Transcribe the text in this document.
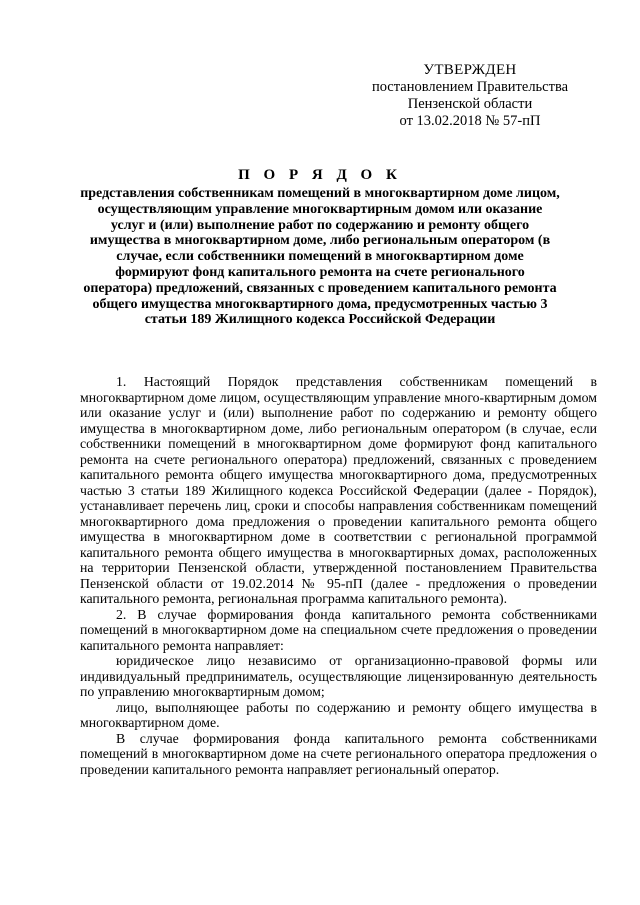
УТВЕРЖДЕН
постановлением Правительства
Пензенской области
от 13.02.2018 № 57-пП
П О Р Я Д О К
представления собственникам помещений в многоквартирном доме лицом, осуществляющим управление многоквартирным домом или оказание услуг и (или) выполнение работ по содержанию и ремонту общего имущества в многоквартирном доме, либо региональным оператором (в случае, если собственники помещений в многоквартирном доме формируют фонд капитального ремонта на счете регионального оператора) предложений, связанных с проведением капитального ремонта общего имущества многоквартирного дома, предусмотренных частью 3 статьи 189 Жилищного кодекса Российской Федерации

1. Настоящий Порядок представления собственникам помещений в многоквартирном доме лицом, осуществляющим управление много-квартирным домом или оказание услуг и (или) выполнение работ по содержанию и ремонту общего имущества в многоквартирном доме, либо региональным оператором (в случае, если собственники помещений в многоквартирном доме формируют фонд капитального ремонта на счете регионального оператора) предложений, связанных с проведением капитального ремонта общего имущества многоквартирного дома, предусмотренных частью 3 статьи 189 Жилищного кодекса Российской Федерации (далее - Порядок), устанавливает перечень лиц, сроки и способы направления собственникам помещений многоквартирного дома предложения о проведении капитального ремонта общего имущества в многоквартирном доме в соответствии с региональной программой капитального ремонта общего имущества в многоквартирных домах, расположенных на территории Пензенской области, утвержденной постановлением Правительства Пензенской области от 19.02.2014 № 95-пП (далее - предложения о проведении капитального ремонта, региональная программа капитального ремонта).

2. В случае формирования фонда капитального ремонта собственниками помещений в многоквартирном доме на специальном счете предложения о проведении капитального ремонта направляет:

юридическое лицо независимо от организационно-правовой формы или индивидуальный предприниматель, осуществляющие лицензированную деятельность по управлению многоквартирным домом;

лицо, выполняющее работы по содержанию и ремонту общего имущества в многоквартирном доме.

В случае формирования фонда капитального ремонта собственниками помещений в многоквартирном доме на счете регионального оператора предложения о проведении капитального ремонта направляет региональный оператор.
